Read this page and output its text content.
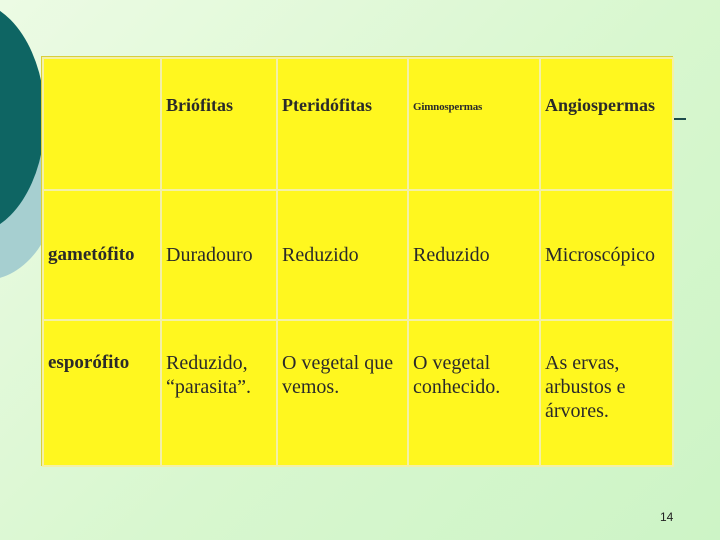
	Briófitas	Pteridófitas	Gimnospermas	Angiospermas
gametófito	Duradouro	Reduzido	Reduzido	Microscópico
esporófito	Reduzido, “parasita”.	O vegetal que vemos.	O vegetal conhecido.	As ervas, arbustos e árvores.
14
